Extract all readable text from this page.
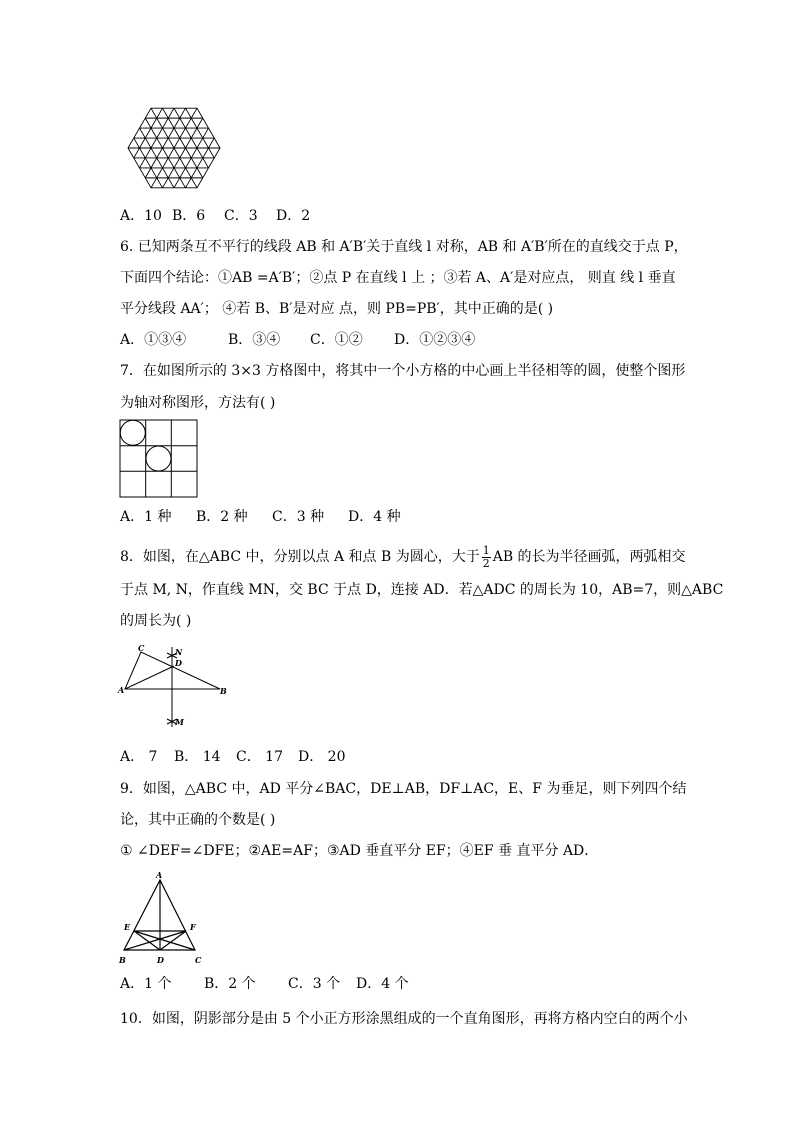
A．10 B．6 C．3 D．2
6. 已知两条互不平行的线段 AB 和 A′B′关于直线 l 对称，AB 和 A′B′所在的直线交于点 P，
下面四个结论：①AB =A′B′；②点 P 在直线 l 上 ；③若 A、A′是对应点， 则直 线 l 垂直
平分线段 AA′； ④若 B、B′是对应 点，则 PB=PB′，其中正确的是( )
A．①③④	B．③④ C．①② D．①②③④
7．在如图所示的 3×3 方格图中，将其中一个小方格的中心画上半径相等的圆，使整个图形
为轴对称图形，方法有( )
A．1 种 B．2 种 C．3 种 D．4 种
8．如图，在△ABC 中，分别以点 A 和点 B 为圆心，大于 $\frac{1}{2}$ AB 的长为半径画弧，两弧相交
于点 M, N，作直线 MN，交 BC 于点 D，连接 AD．若△ADC 的周长为 10，AB=7，则△ABC
的周长为( )
C	N
D
A	B
M
A． 7 B． 14 C． 17 D． 20
9．如图，△ABC 中，AD 平分∠BAC，DE⊥AB，DF⊥AC，E、F 为垂足，则下列四个结
论，其中正确的个数是( )
① ∠DEF=∠DFE；②AE=AF；③AD 垂直平分 EF；④EF 垂 直平分 AD．
A
E	F
B	D	C
A．1 个 B．2 个 C．3 个 D．4 个
10．如图，阴影部分是由 5 个小正方形涂黑组成的一个直角图形，再将方格内空白的两个小
